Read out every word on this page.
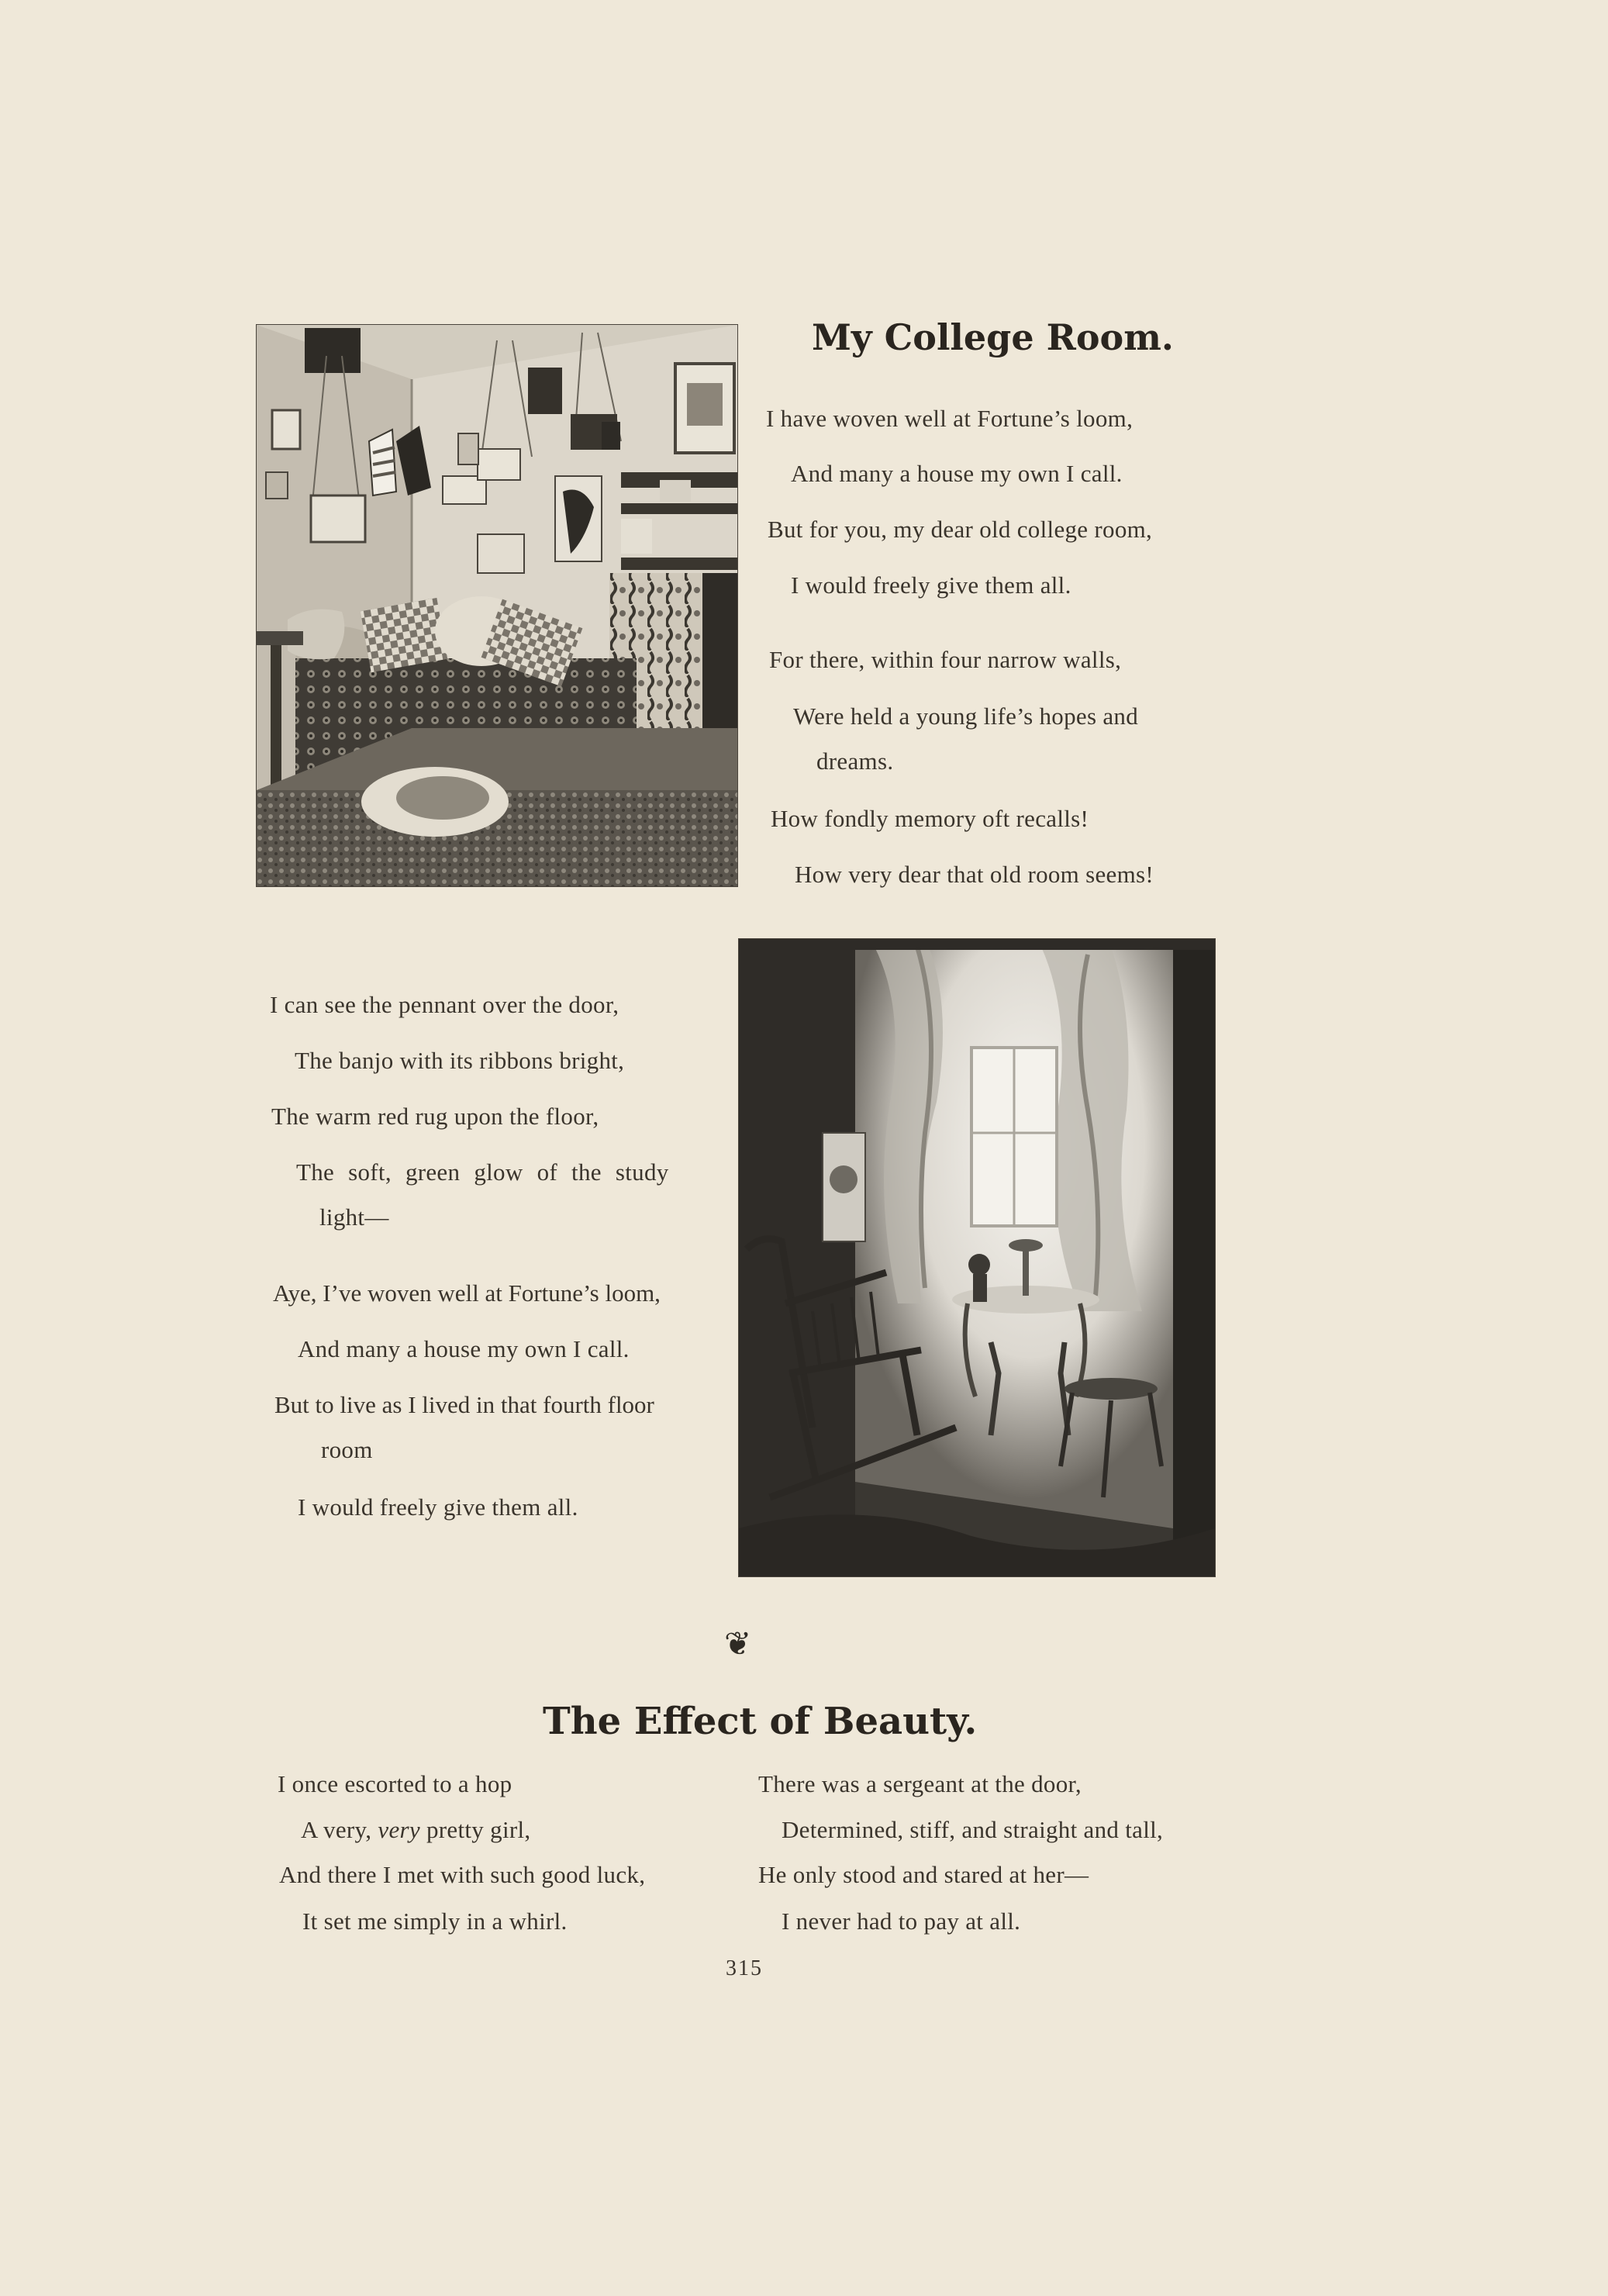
My College Room.
I have woven well at Fortune’s loom,
And many a house my own I call.
But for you, my dear old college room,
I would freely give them all.
For there, within four narrow walls,
Were held a young life’s hopes and
dreams.
How fondly memory oft recalls!
How very dear that old room seems!
I can see the pennant over the door,
The banjo with its ribbons bright,
The warm red rug upon the floor,
The soft, green glow of the study
light—
Aye, I’ve woven well at Fortune’s loom,
And many a house my own I call.
But to live as I lived in that fourth floor
room
I would freely give them all.
❦
The Effect of Beauty.
I once escorted to a hop
A very, very pretty girl,
And there I met with such good luck,
It set me simply in a whirl.
There was a sergeant at the door,
Determined, stiff, and straight and tall,
He only stood and stared at her—
I never had to pay at all.
315
